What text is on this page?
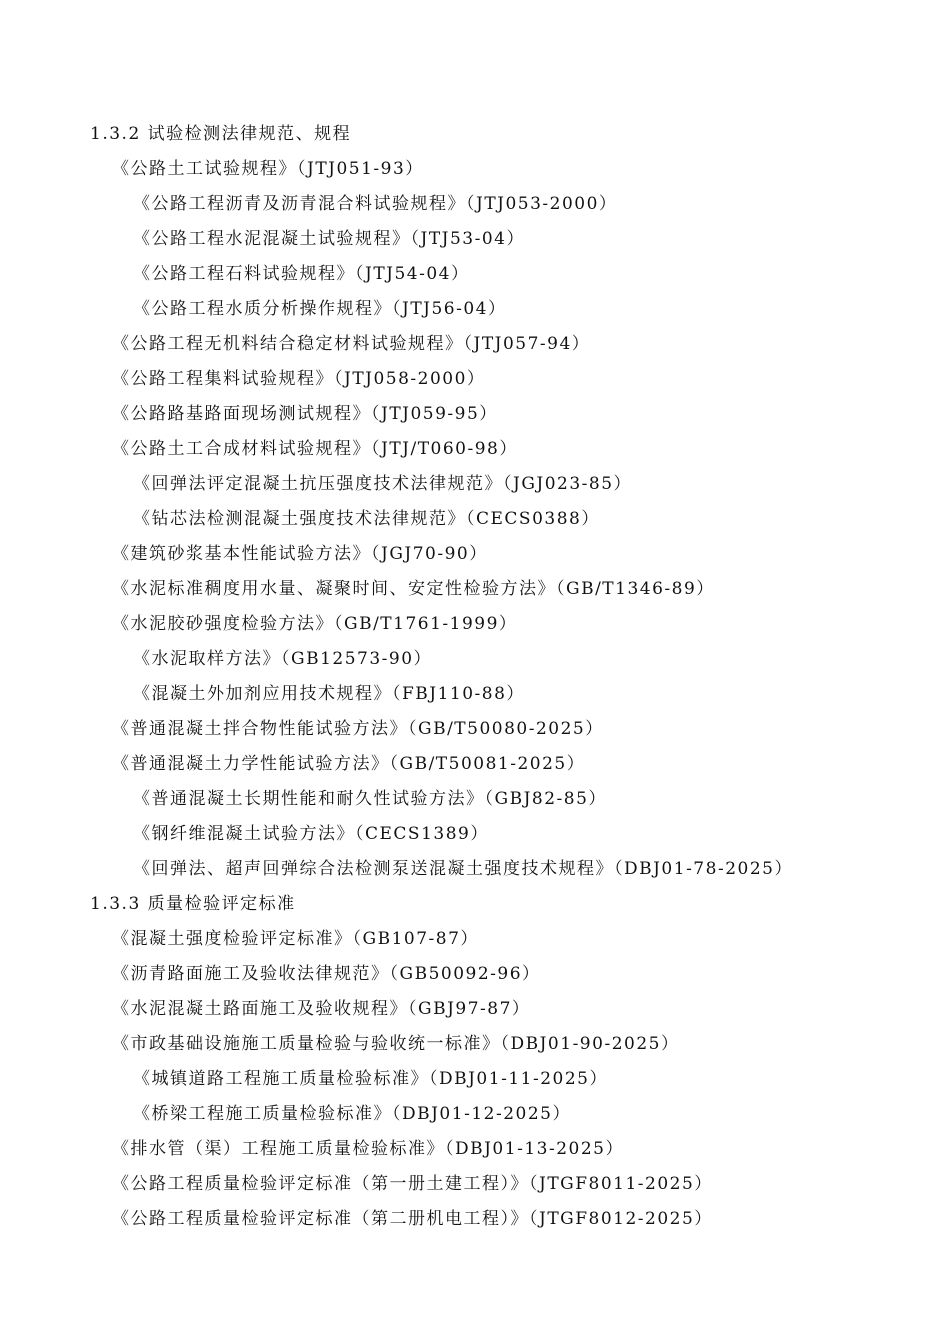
1.3.2 试验检测法律规范、规程
《公路土工试验规程》（JTJ051-93）
《公路工程沥青及沥青混合料试验规程》（JTJ053-2000）
《公路工程水泥混凝土试验规程》（JTJ53-04）
《公路工程石料试验规程》（JTJ54-04）
《公路工程水质分析操作规程》（JTJ56-04）
《公路工程无机料结合稳定材料试验规程》（JTJ057-94）
《公路工程集料试验规程》（JTJ058-2000）
《公路路基路面现场测试规程》（JTJ059-95）
《公路土工合成材料试验规程》（JTJ/T060-98）
《回弹法评定混凝土抗压强度技术法律规范》（JGJ023-85）
《钻芯法检测混凝土强度技术法律规范》（CECS0388）
《建筑砂浆基本性能试验方法》（JGJ70-90）
《水泥标准稠度用水量、凝聚时间、安定性检验方法》（GB/T1346-89）
《水泥胶砂强度检验方法》（GB/T1761-1999）
《水泥取样方法》（GB12573-90）
《混凝土外加剂应用技术规程》（FBJ110-88）
《普通混凝土拌合物性能试验方法》（GB/T50080-2025）
《普通混凝土力学性能试验方法》（GB/T50081-2025）
《普通混凝土长期性能和耐久性试验方法》（GBJ82-85）
《钢纤维混凝土试验方法》（CECS1389）
《回弹法、超声回弹综合法检测泵送混凝土强度技术规程》（DBJ01-78-2025）
1.3.3 质量检验评定标准
《混凝土强度检验评定标准》（GB107-87）
《沥青路面施工及验收法律规范》（GB50092-96）
《水泥混凝土路面施工及验收规程》（GBJ97-87）
《市政基础设施施工质量检验与验收统一标准》（DBJ01-90-2025）
《城镇道路工程施工质量检验标准》（DBJ01-11-2025）
《桥梁工程施工质量检验标准》（DBJ01-12-2025）
《排水管（渠）工程施工质量检验标准》（DBJ01-13-2025）
《公路工程质量检验评定标准（第一册土建工程）》（JTGF8011-2025）
《公路工程质量检验评定标准（第二册机电工程）》（JTGF8012-2025）
